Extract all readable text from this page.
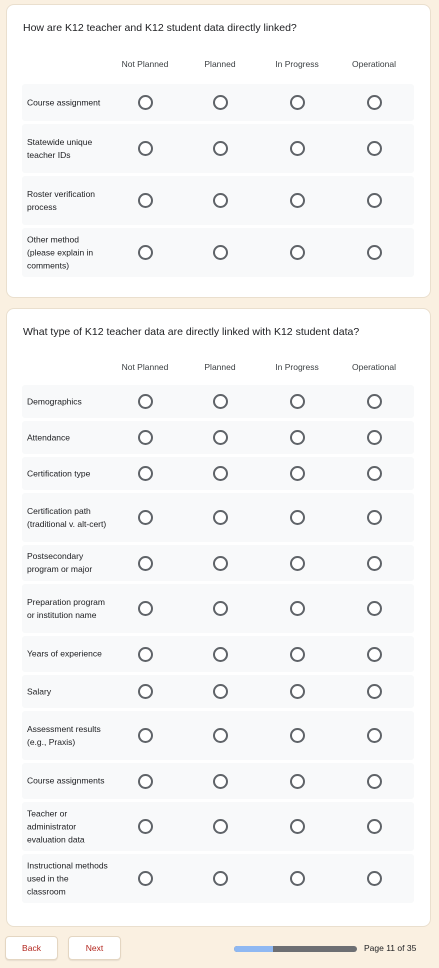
How are K12 teacher and K12 student data directly linked?
Not Planned	Planned	In Progress	Operational
Course assignment
Statewide unique teacher IDs
Roster verification process
Other method (please explain in comments)
What type of K12 teacher data are directly linked with K12 student data?
Not Planned	Planned	In Progress	Operational
Demographics
Attendance
Certification type
Certification path (traditional v. alt-cert)
Postsecondary program or major
Preparation program or institution name
Years of experience
Salary
Assessment results (e.g., Praxis)
Course assignments
Teacher or administrator evaluation data
Instructional methods used in the classroom
Back	Next	Page 11 of 35
